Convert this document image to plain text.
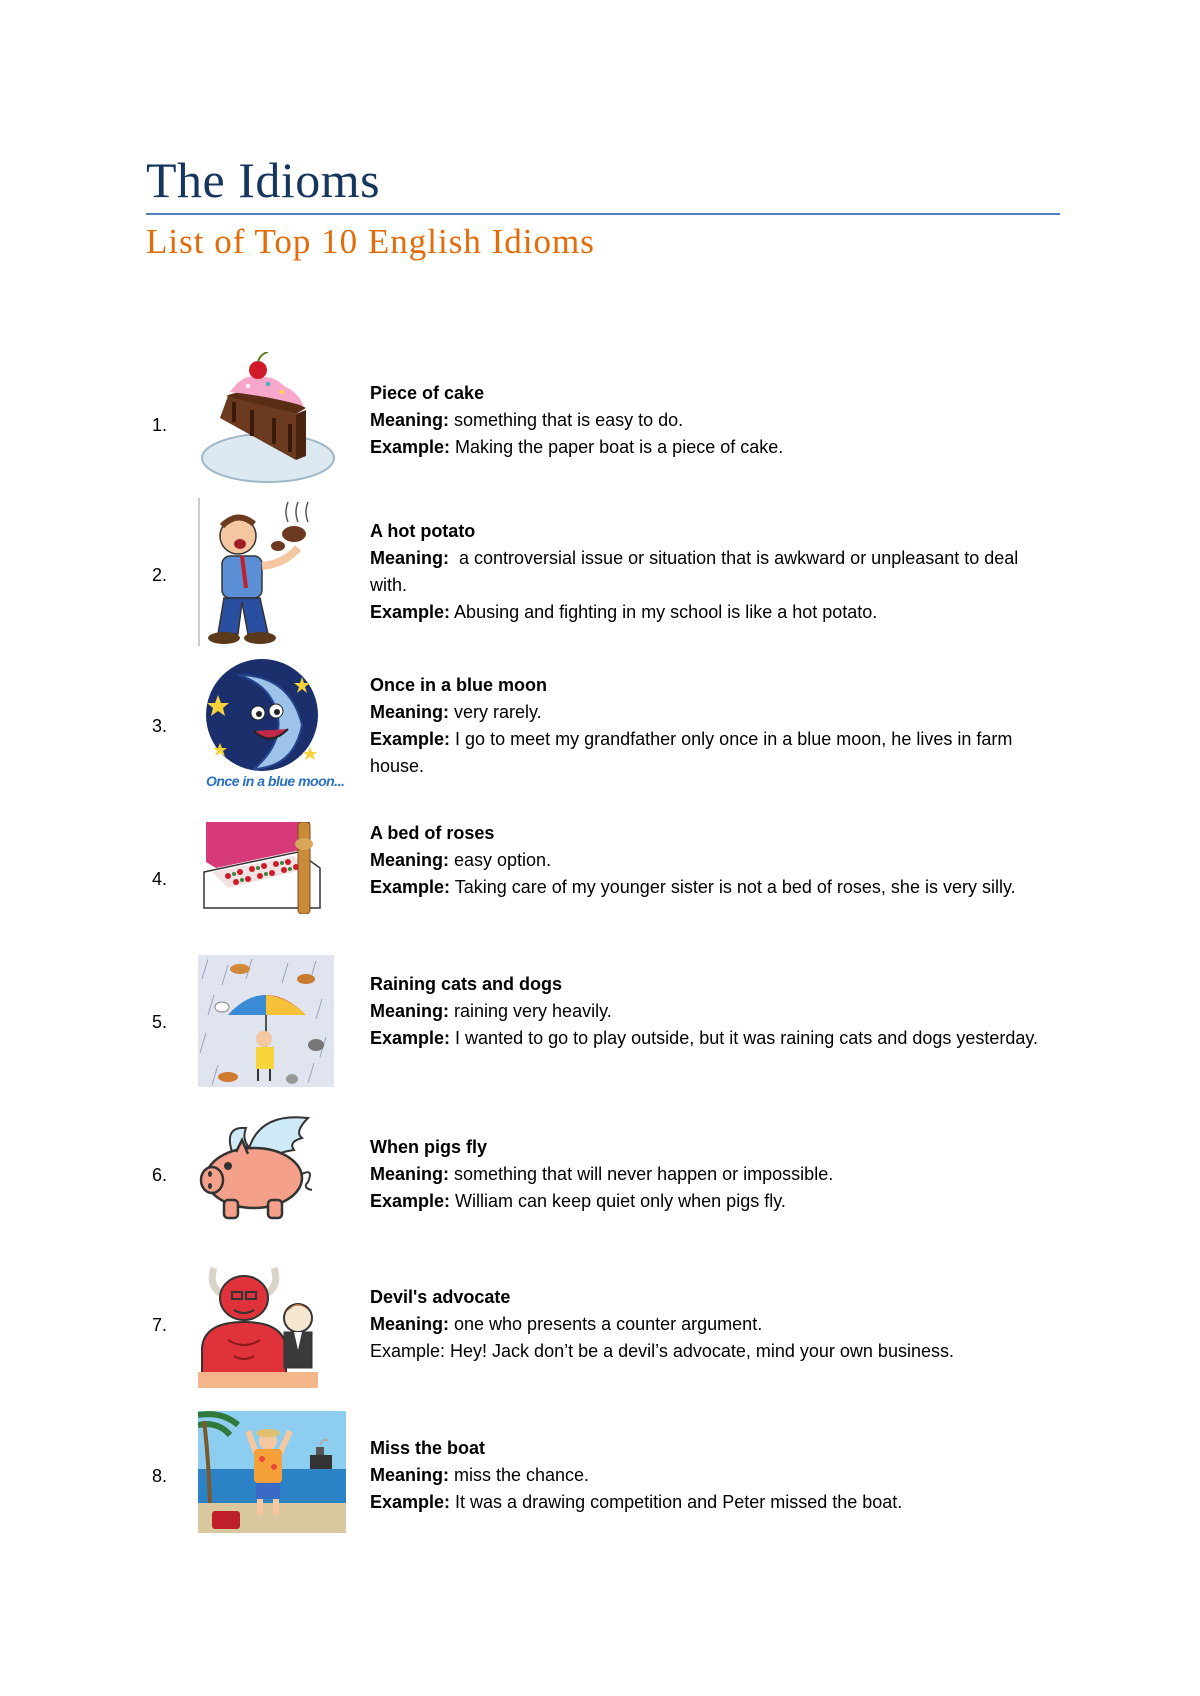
The Idioms
List of Top 10 English Idioms
1.

Piece of cake

Meaning: something that is easy to do.

Example: Making the paper boat is a piece of cake.

2.

A hot potato

Meaning:  a controversial issue or situation that is awkward or unpleasant to deal with.

Example: Abusing and fighting in my school is like a hot potato.

3.
Once in a blue moon...

Once in a blue moon

Meaning: very rarely.

Example: I go to meet my grandfather only once in a blue moon, he lives in farm house.

4.

A bed of roses

Meaning: easy option.

Example: Taking care of my younger sister is not a bed of roses, she is very silly.

5.

Raining cats and dogs

Meaning: raining very heavily.

Example: I wanted to go to play outside, but it was raining cats and dogs yesterday.

6.

When pigs fly

Meaning: something that will never happen or impossible.

Example: William can keep quiet only when pigs fly.

7.

Devil's advocate

Meaning: one who presents a counter argument.

Example: Hey! Jack don’t be a devil’s advocate, mind your own business.

8.

Miss the boat

Meaning: miss the chance.

Example: It was a drawing competition and Peter missed the boat.
